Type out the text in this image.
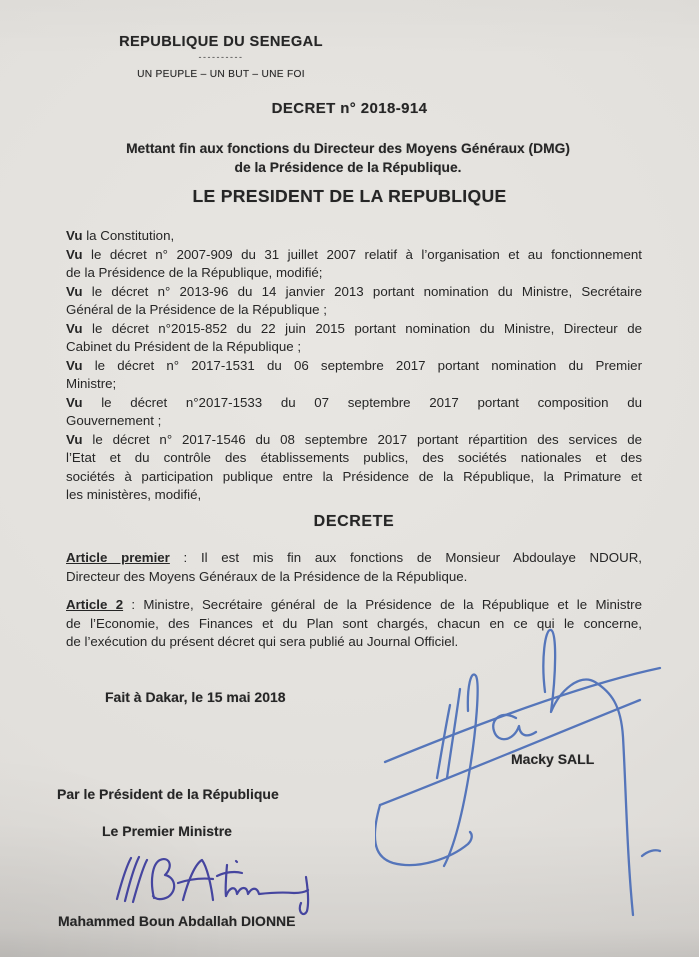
REPUBLIQUE DU SENEGAL
----------
UN PEUPLE – UN BUT – UNE FOI
DECRET n° 2018-914
Mettant fin aux fonctions du Directeur des Moyens Généraux (DMG)
de la Présidence de la République.
LE PRESIDENT DE LA REPUBLIQUE

Vu la Constitution,

Vu le décret n° 2007-909 du 31 juillet 2007 relatif à l’organisation et au fonctionnement
de la Présidence de la République, modifié;

Vu le décret n° 2013-96 du 14 janvier 2013 portant nomination du Ministre, Secrétaire
Général de la Présidence de la République ;

Vu le décret n°2015-852 du 22 juin 2015 portant nomination du Ministre, Directeur de
Cabinet du Président de la République ;

Vu le décret n° 2017-1531 du 06 septembre 2017 portant nomination du Premier
Ministre;

Vu le décret n°2017-1533 du 07 septembre 2017 portant composition du
Gouvernement ;

Vu le décret n° 2017-1546 du 08 septembre 2017 portant répartition des services de
l’Etat et du contrôle des établissements publics, des sociétés nationales et des
sociétés à participation publique entre la Présidence de la République, la Primature et
les ministères, modifié,

DECRETE

Article premier : Il est mis fin aux fonctions de Monsieur Abdoulaye NDOUR,
Directeur des Moyens Généraux de la Présidence de la République.

Article 2 : Ministre, Secrétaire général de la Présidence de la République et le Ministre
de l’Economie, des Finances et du Plan sont chargés, chacun en ce qui le concerne,
de l’exécution du présent décret qui sera publié au Journal Officiel.

Fait à Dakar, le 15 mai 2018
Macky SALL
Par le Président de la République
Le Premier Ministre
Mahammed Boun Abdallah DIONNE
